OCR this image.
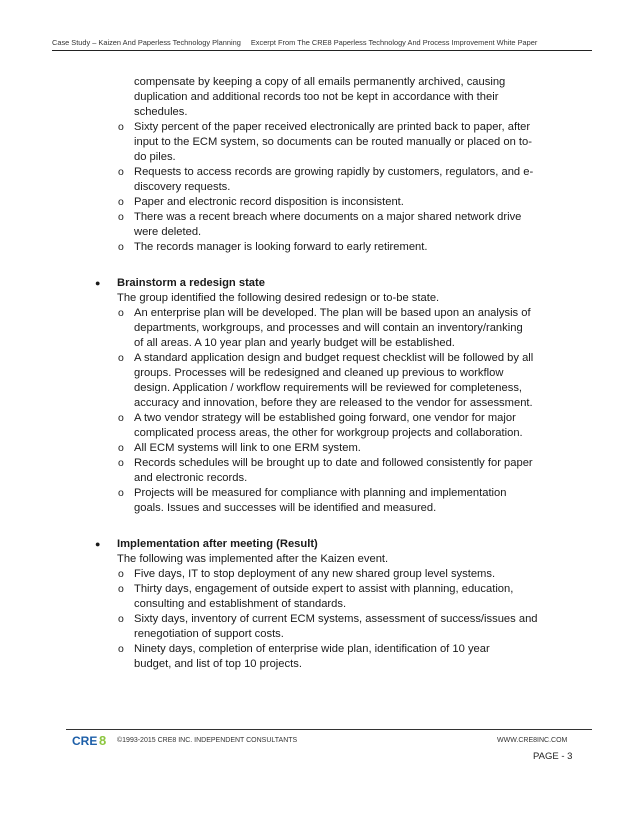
Case Study – Kaizen And Paperless Technology Planning Excerpt From The CRE8 Paperless Technology And Process Improvement White Paper
compensate by keeping a copy of all emails permanently archived, causing
duplication and additional records too not be kept in accordance with their
schedules.
o Sixty percent of the paper received electronically are printed back to paper, after
input to the ECM system, so documents can be routed manually or placed on to-
do piles.
o Requests to access records are growing rapidly by customers, regulators, and e-
discovery requests.
o Paper and electronic record disposition is inconsistent.
o There was a recent breach where documents on a major shared network drive
were deleted.
o The records manager is looking forward to early retirement.
● Brainstorm a redesign state
The group identified the following desired redesign or to-be state.
o An enterprise plan will be developed. The plan will be based upon an analysis of
departments, workgroups, and processes and will contain an inventory/ranking
of all areas. A 10 year plan and yearly budget will be established.
o A standard application design and budget request checklist will be followed by all
groups. Processes will be redesigned and cleaned up previous to workflow
design. Application / workflow requirements will be reviewed for completeness,
accuracy and innovation, before they are released to the vendor for assessment.
o A two vendor strategy will be established going forward, one vendor for major
complicated process areas, the other for workgroup projects and collaboration.
o All ECM systems will link to one ERM system.
o Records schedules will be brought up to date and followed consistently for paper
and electronic records.
o Projects will be measured for compliance with planning and implementation
goals. Issues and successes will be identified and measured.
● Implementation after meeting (Result)
The following was implemented after the Kaizen event.
o Five days, IT to stop deployment of any new shared group level systems.
o Thirty days, engagement of outside expert to assist with planning, education,
consulting and establishment of standards.
o Sixty days, inventory of current ECM systems, assessment of success/issues and
renegotiation of support costs.
o Ninety days, completion of enterprise wide plan, identification of 10 year
budget, and list of top 10 projects.
CRE 8 ©1993-2015 CRE8 INC. INDEPENDENT CONSULTANTS	WWW.CRE8INC.COM
PAGE - 3
